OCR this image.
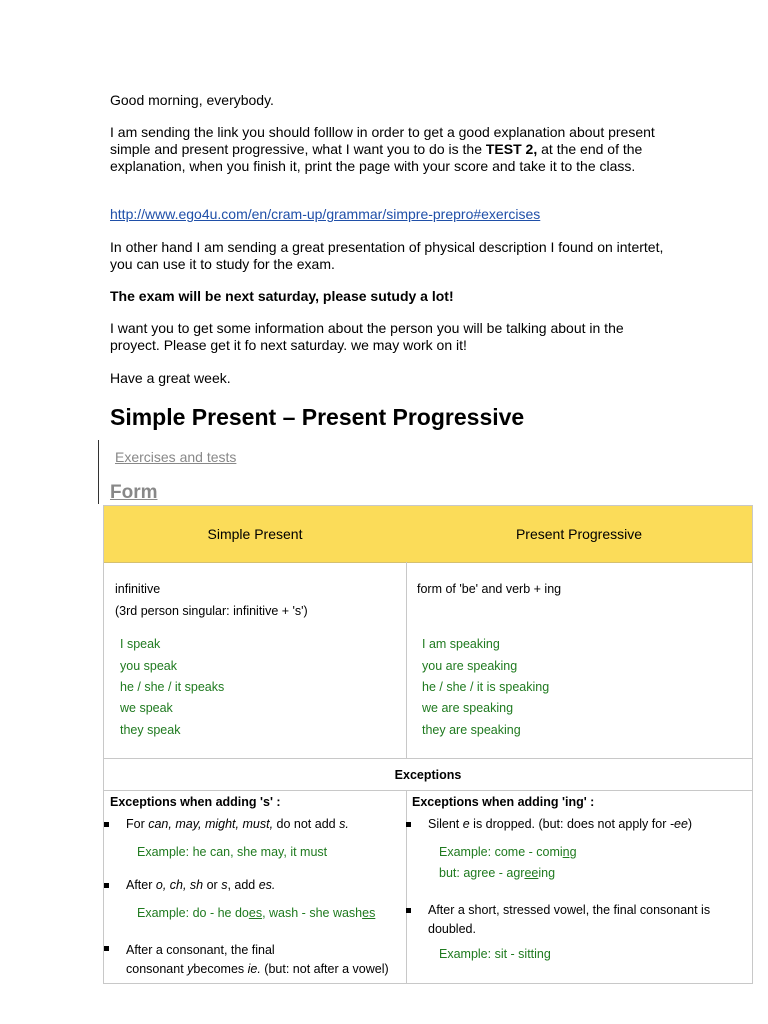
Good morning, everybody.

I am sending the link you should folllow in order to get a good explanation about present simple and present progressive, what I want you to do is the TEST 2, at the end of the explanation, when you finish it, print the page with your score and take it to the class.

http://www.ego4u.com/en/cram-up/grammar/simpre-prepro#exercises

In other hand I am sending a great presentation of physical description I found on intertet, you can use it to study for the exam.

The exam will be next saturday, please sutudy a lot!

I want you to get some information about the person you will be talking about in the proyect. Please get it fo next saturday. we may work on it!

Have a great week.

Simple Present – Present Progressive
Exercises and tests
Form
Simple Present	Present Progressive
infinitive
(3rd person singular: infinitive + 's')
I speak
you speak
he / she / it speaks
we speak
they speak
form of 'be' and verb + ing
I am speaking
you are speaking
he / she / it is speaking
we are speaking
they are speaking
Exceptions
Exceptions when adding 's' :
For can, may, might, must, do not add s.
Example: he can, she may, it must
After o, ch, sh or s, add es.
Example: do - he does, wash - she washes
After a consonant, the final
consonant ybecomes ie. (but: not after a vowel)
Exceptions when adding 'ing' :
Silent e is dropped. (but: does not apply for -ee)
Example: come - coming
but: agree - agreeing
After a short, stressed vowel, the final consonant is
doubled.
Example: sit - sitting
